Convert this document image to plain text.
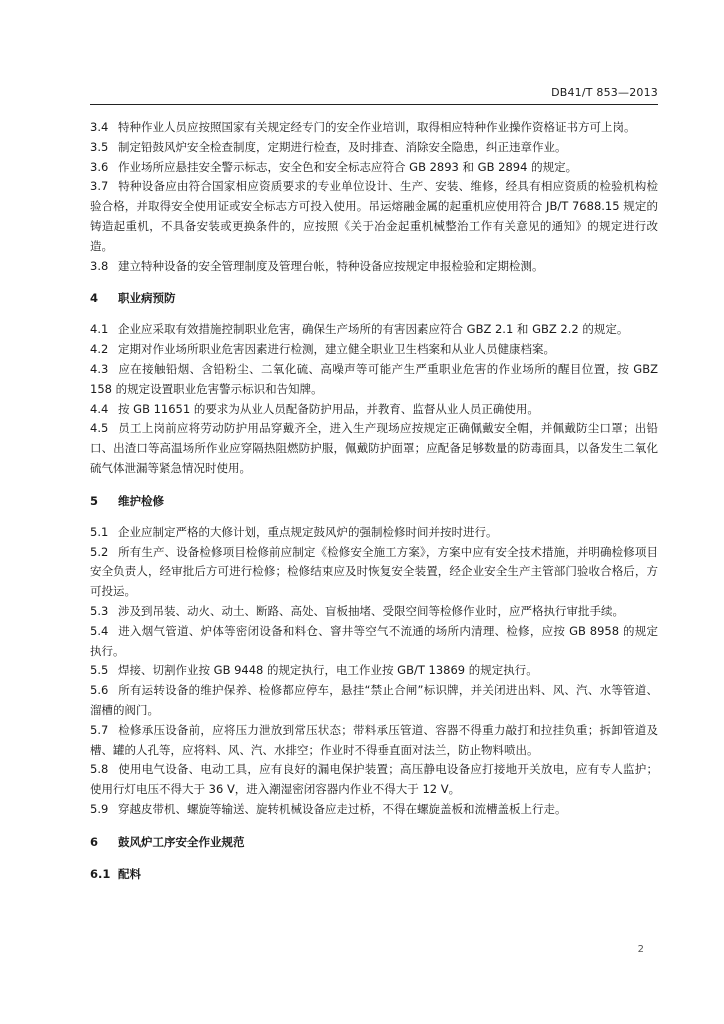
DB41/T 853—2013
3.4 特种作业人员应按照国家有关规定经专门的安全作业培训，取得相应特种作业操作资格证书方可上岗。
3.5 制定铅鼓风炉安全检查制度，定期进行检查，及时排查、消除安全隐患，纠正违章作业。
3.6 作业场所应悬挂安全警示标志，安全色和安全标志应符合 GB 2893 和 GB 2894 的规定。
3.7 特种设备应由符合国家相应资质要求的专业单位设计、生产、安装、维修，经具有相应资质的检验机构检验合格，并取得安全使用证或安全标志方可投入使用。吊运熔融金属的起重机应使用符合 JB/T 7688.15 规定的铸造起重机，不具备安装或更换条件的，应按照《关于冶金起重机械整治工作有关意见的通知》的规定进行改造。
3.8 建立特种设备的安全管理制度及管理台帐，特种设备应按规定申报检验和定期检测。
4 职业病预防
4.1 企业应采取有效措施控制职业危害，确保生产场所的有害因素应符合 GBZ 2.1 和 GBZ 2.2 的规定。
4.2 定期对作业场所职业危害因素进行检测，建立健全职业卫生档案和从业人员健康档案。
4.3 应在接触铅烟、含铅粉尘、二氧化硫、高噪声等可能产生严重职业危害的作业场所的醒目位置，按 GBZ 158 的规定设置职业危害警示标识和告知牌。
4.4 按 GB 11651 的要求为从业人员配备防护用品，并教育、监督从业人员正确使用。
4.5 员工上岗前应将劳动防护用品穿戴齐全，进入生产现场应按规定正确佩戴安全帽，并佩戴防尘口罩；出铅口、出渣口等高温场所作业应穿隔热阻燃防护服，佩戴防护面罩；应配备足够数量的防毒面具，以备发生二氧化硫气体泄漏等紧急情况时使用。
5 维护检修
5.1 企业应制定严格的大修计划，重点规定鼓风炉的强制检修时间并按时进行。
5.2 所有生产、设备检修项目检修前应制定《检修安全施工方案》，方案中应有安全技术措施，并明确检修项目安全负责人，经审批后方可进行检修；检修结束应及时恢复安全装置，经企业安全生产主管部门验收合格后，方可投运。
5.3 涉及到吊装、动火、动土、断路、高处、盲板抽堵、受限空间等检修作业时，应严格执行审批手续。
5.4 进入烟气管道、炉体等密闭设备和料仓、窨井等空气不流通的场所内清理、检修，应按 GB 8958 的规定执行。
5.5 焊接、切割作业按 GB 9448 的规定执行，电工作业按 GB/T 13869 的规定执行。
5.6 所有运转设备的维护保养、检修都应停车，悬挂“禁止合闸”标识牌，并关闭进出料、风、汽、水等管道、溜槽的阀门。
5.7 检修承压设备前，应将压力泄放到常压状态；带料承压管道、容器不得重力敲打和拉挂负重；拆卸管道及槽、罐的人孔等，应将料、风、汽、水排空；作业时不得垂直面对法兰，防止物料喷出。
5.8 使用电气设备、电动工具，应有良好的漏电保护装置；高压静电设备应打接地开关放电，应有专人监护；使用行灯电压不得大于 36 V，进入潮湿密闭容器内作业不得大于 12 V。
5.9 穿越皮带机、螺旋等输送、旋转机械设备应走过桥，不得在螺旋盖板和流槽盖板上行走。
6 鼓风炉工序安全作业规范
6.1 配料
2
